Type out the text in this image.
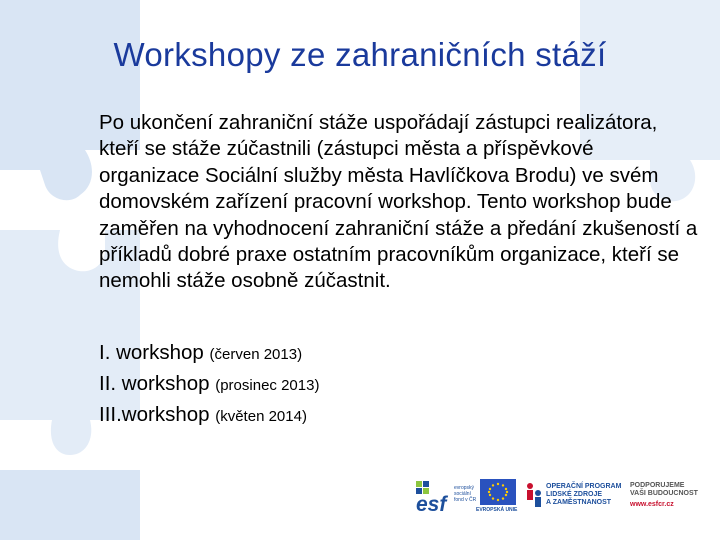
Workshopy ze zahraničních stáží
Po ukončení zahraniční stáže uspořádají zástupci realizátora, kteří se stáže zúčastnili (zástupci města a příspěvkové organizace Sociální služby města Havlíčkova Brodu) ve svém domovském zařízení pracovní workshop. Tento workshop bude zaměřen na vyhodnocení zahraniční stáže a předání zkušeností a příkladů dobré praxe ostatním pracovníkům organizace, kteří se nemohli stáže osobně zúčastnit.
I. workshop (červen 2013)
II. workshop (prosinec 2013)
III.workshop (květen 2014)
esf
evropský
sociální
fond v ČR
EVROPSKÁ UNIE
OPERAČNÍ PROGRAM
LIDSKÉ ZDROJE
A ZAMĚSTNANOST
PODPORUJEME
VAŠI BUDOUCNOST
www.esfcr.cz
